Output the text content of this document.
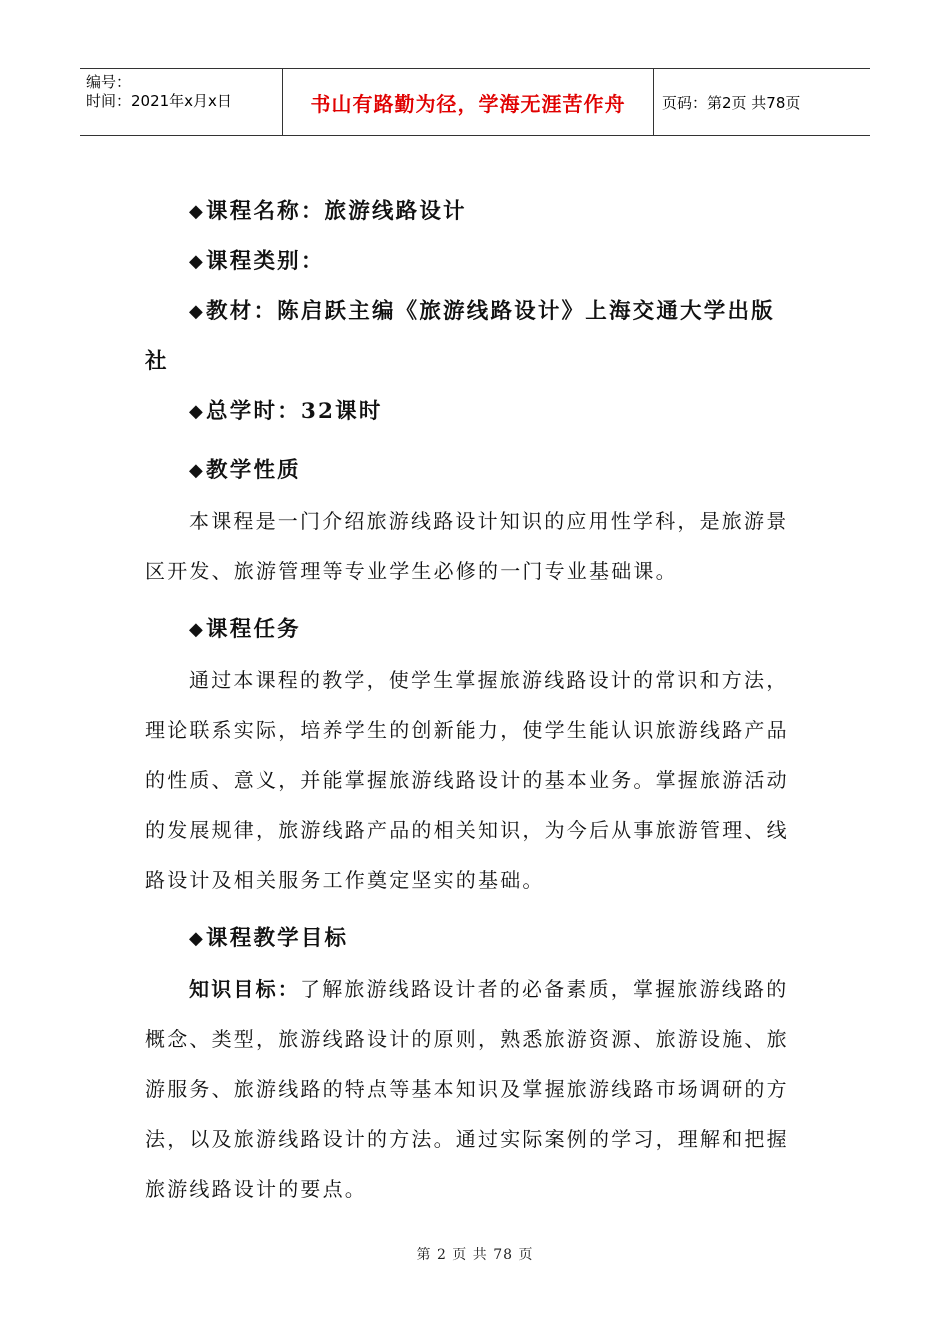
编号：
时间：2021年x月x日	书山有路勤为径，学海无涯苦作舟 页码：第2页 共78页

◆课程名称：旅游线路设计

◆课程类别：

◆教材：陈启跃主编《旅游线路设计》上海交通大学出版

社

◆总学时：32课时

◆教学性质

本课程是一门介绍旅游线路设计知识的应用性学科，是旅游景

区开发、旅游管理等专业学生必修的一门专业基础课。

◆课程任务

通过本课程的教学，使学生掌握旅游线路设计的常识和方法，

理论联系实际，培养学生的创新能力，使学生能认识旅游线路产品

的性质、意义，并能掌握旅游线路设计的基本业务。掌握旅游活动

的发展规律，旅游线路产品的相关知识，为今后从事旅游管理、线

路设计及相关服务工作奠定坚实的基础。

◆课程教学目标

知识目标：了解旅游线路设计者的必备素质，掌握旅游线路的

概念、类型，旅游线路设计的原则，熟悉旅游资源、旅游设施、旅

游服务、旅游线路的特点等基本知识及掌握旅游线路市场调研的方

法，以及旅游线路设计的方法。通过实际案例的学习，理解和把握

旅游线路设计的要点。

第 2 页 共 78 页
